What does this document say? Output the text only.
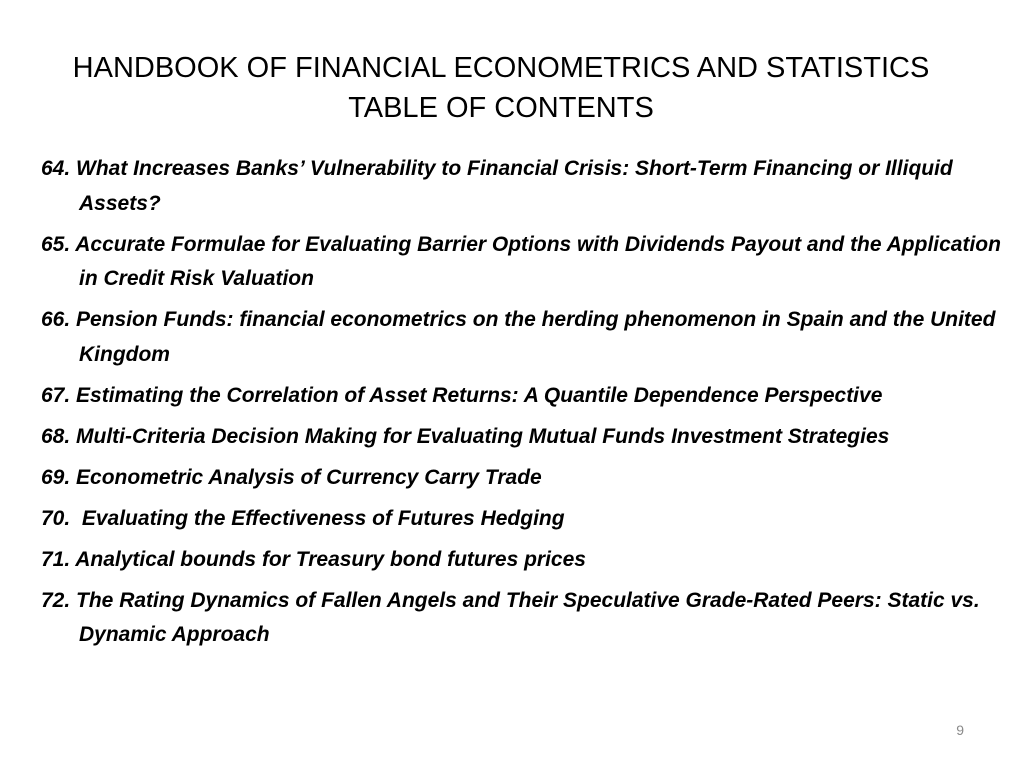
HANDBOOK OF FINANCIAL ECONOMETRICS AND STATISTICS
TABLE OF CONTENTS
64. What Increases Banks’ Vulnerability to Financial Crisis: Short-Term Financing or Illiquid Assets?
65. Accurate Formulae for Evaluating Barrier Options with Dividends Payout and the Application in Credit Risk Valuation
66. Pension Funds: financial econometrics on the herding phenomenon in Spain and the United Kingdom
67. Estimating the Correlation of Asset Returns: A Quantile Dependence Perspective
68. Multi-Criteria Decision Making for Evaluating Mutual Funds Investment Strategies
69. Econometric Analysis of Currency Carry Trade
70.  Evaluating the Effectiveness of Futures Hedging
71. Analytical bounds for Treasury bond futures prices
72. The Rating Dynamics of Fallen Angels and Their Speculative Grade-Rated Peers: Static vs. Dynamic Approach
9
